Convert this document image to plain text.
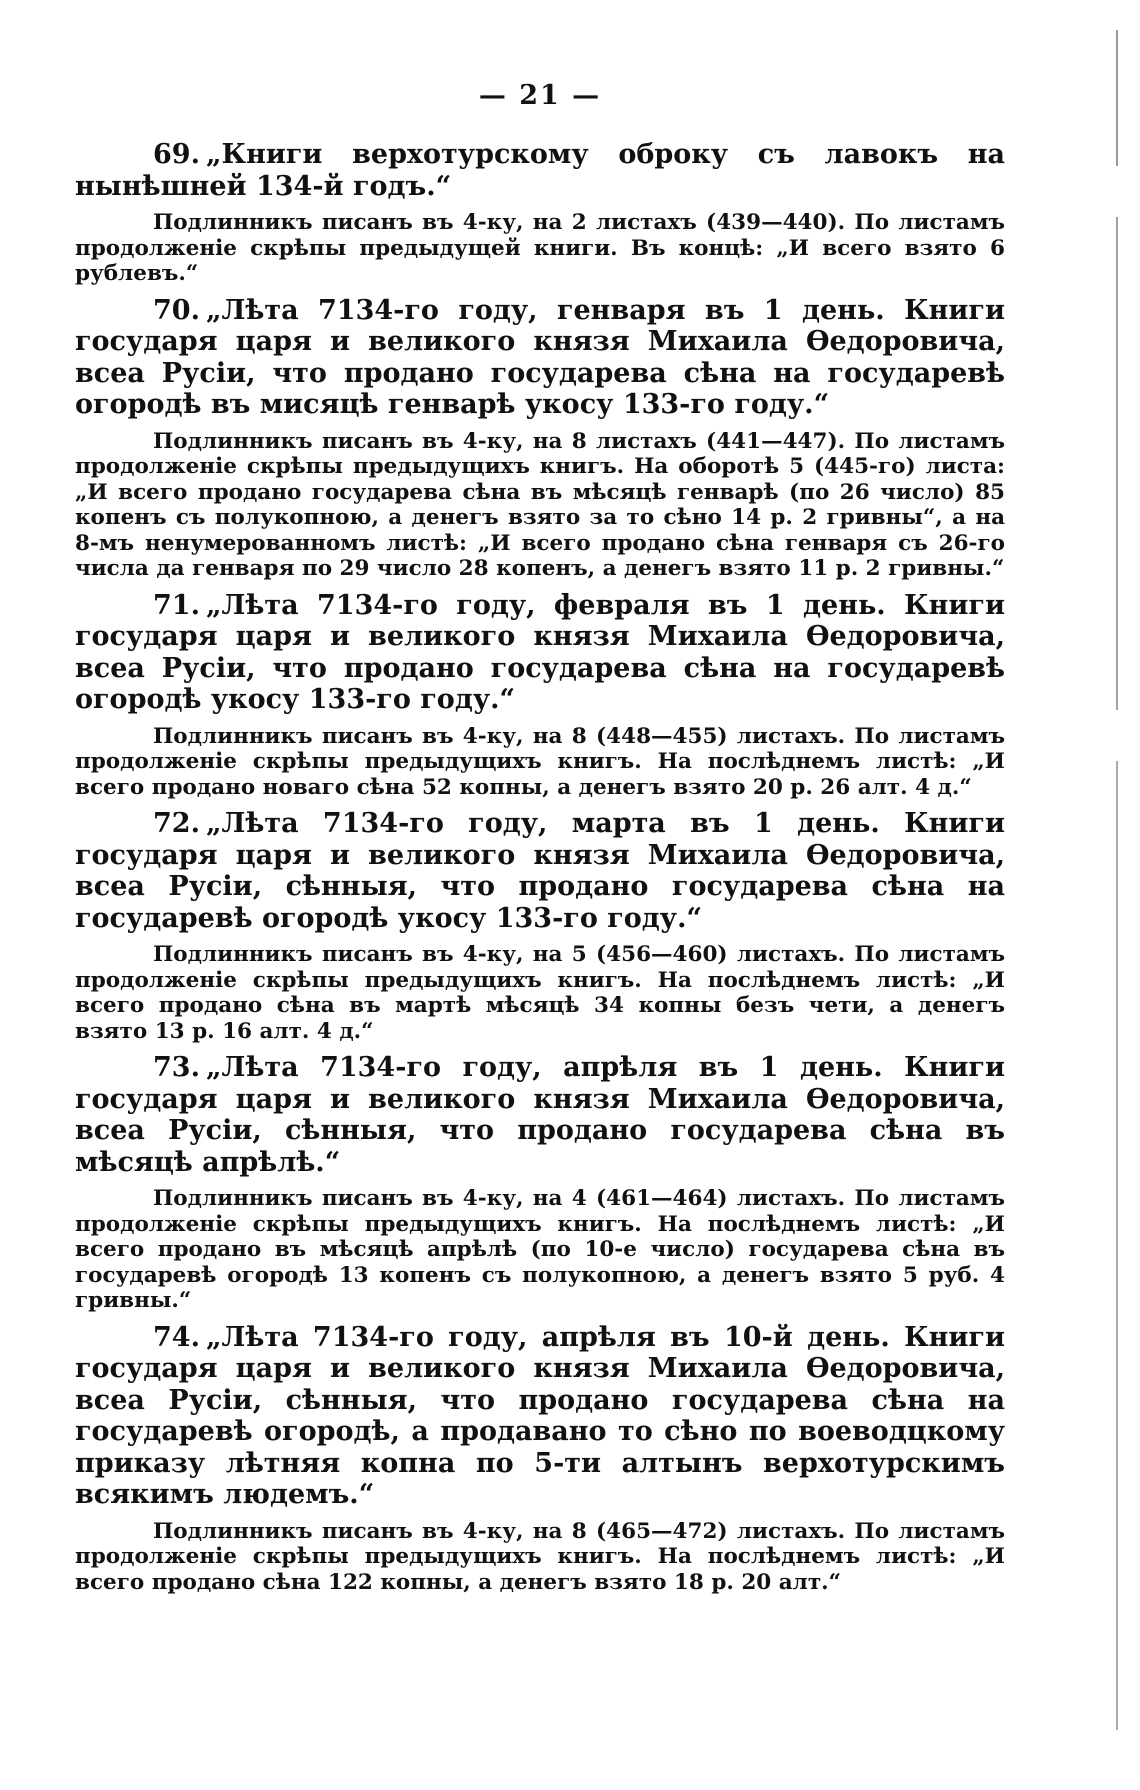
— 21 —

69. „Книги верхотурскому оброку съ лавокъ на нынѣшней 134-й годъ.“

Подлинникъ писанъ въ 4-ку, на 2 листахъ (439—440). По листамъ продолженіе скрѣпы предыдущей книги. Въ концѣ: „И всего взято 6 рублевъ.“

70. „Лѣта 7134-го году, генваря въ 1 день. Книги государя царя и великого князя Михаила Ѳедоровича, всеа Русіи, что продано государева сѣна на государевѣ огородѣ въ мисяцѣ генварѣ укосу 133-го году.“

Подлинникъ писанъ въ 4-ку, на 8 листахъ (441—447). По листамъ продолженіе скрѣпы предыдущихъ книгъ. На оборотѣ 5 (445-го) листа: „И всего продано государева сѣна въ мѣсяцѣ генварѣ (по 26 число) 85 копенъ съ полукопною, а денегъ взято за то сѣно 14 р. 2 гривны“, а на 8-мъ ненумерованномъ листѣ: „И всего продано сѣна генваря съ 26-го числа да генваря по 29 число 28 копенъ, а денегъ взято 11 р. 2 гривны.“

71. „Лѣта 7134-го году, февраля въ 1 день. Книги государя царя и великого князя Михаила Ѳедоровича, всеа Русіи, что продано государева сѣна на государевѣ огородѣ укосу 133-го году.“

Подлинникъ писанъ въ 4-ку, на 8 (448—455) листахъ. По листамъ продолженіе скрѣпы предыдущихъ книгъ. На послѣднемъ листѣ: „И всего продано новаго сѣна 52 копны, а денегъ взято 20 р. 26 алт. 4 д.“

72. „Лѣта 7134-го году, марта въ 1 день. Книги государя царя и великого князя Михаила Ѳедоровича, всеа Русіи, сѣнныя, что продано государева сѣна на государевѣ огородѣ укосу 133-го году.“

Подлинникъ писанъ въ 4-ку, на 5 (456—460) листахъ. По листамъ продолженіе скрѣпы предыдущихъ книгъ. На послѣднемъ листѣ: „И всего продано сѣна въ мартѣ мѣсяцѣ 34 копны безъ чети, а денегъ взято 13 р. 16 алт. 4 д.“

73. „Лѣта 7134-го году, апрѣля въ 1 день. Книги государя царя и великого князя Михаила Ѳедоровича, всеа Русіи, сѣнныя, что продано государева сѣна въ мѣсяцѣ апрѣлѣ.“

Подлинникъ писанъ въ 4-ку, на 4 (461—464) листахъ. По листамъ продолженіе скрѣпы предыдущихъ книгъ. На послѣднемъ листѣ: „И всего продано въ мѣсяцѣ апрѣлѣ (по 10-е число) государева сѣна въ государевѣ огородѣ 13 копенъ съ полукопною, а денегъ взято 5 руб. 4 гривны.“

74. „Лѣта 7134-го году, апрѣля въ 10-й день. Книги государя царя и великого князя Михаила Ѳедоровича, всеа Русіи, сѣнныя, что продано государева сѣна на государевѣ огородѣ, а продавано то сѣно по воеводцкому приказу лѣтняя копна по 5-ти алтынъ верхотурскимъ всякимъ людемъ.“

Подлинникъ писанъ въ 4-ку, на 8 (465—472) листахъ. По листамъ продолженіе скрѣпы предыдущихъ книгъ. На послѣднемъ листѣ: „И всего продано сѣна 122 копны, а денегъ взято 18 р. 20 алт.“
